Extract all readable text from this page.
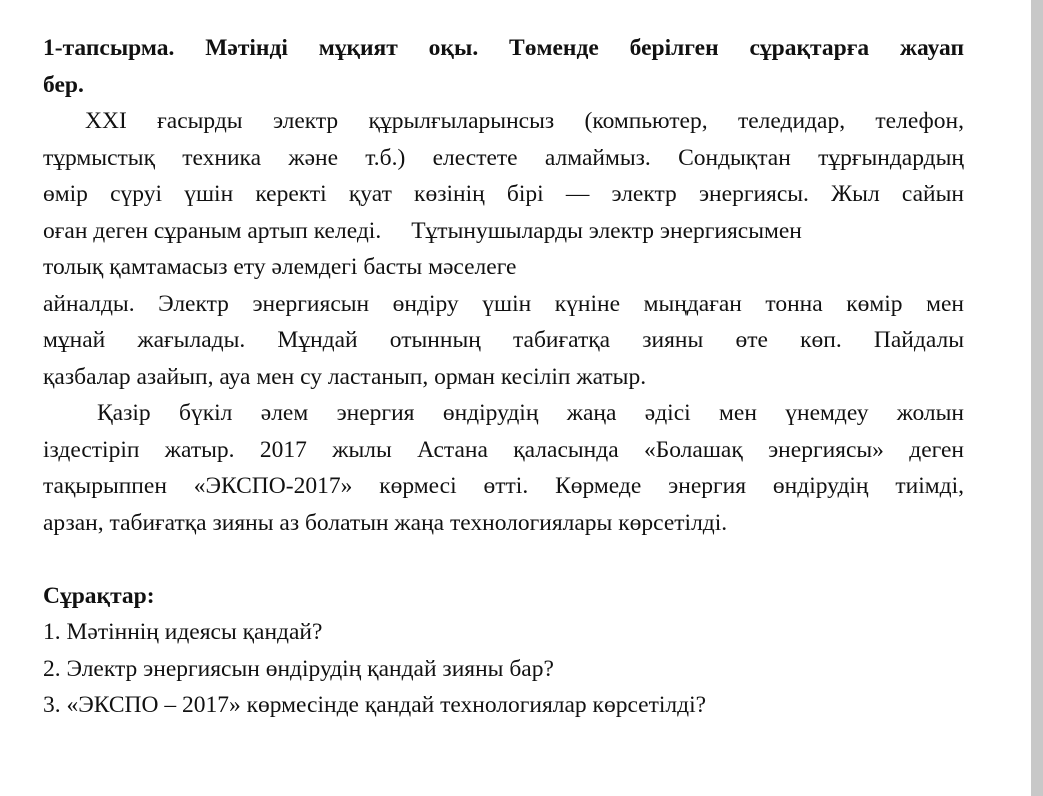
1-тапсырма. Мәтінді мұқият оқы. Төменде берілген сұрақтарға жауап
бер.
XXI ғасырды электр құрылғыларынсыз (компьютер, теледидар, телефон,
тұрмыстық техника және т.б.) елестете алмаймыз. Сондықтан тұрғындардың
өмір сүруі үшін керекті қуат көзінің бірі — электр энергиясы. Жыл сайын
оған деген сұраным артып келеді. Тұтынушыларды электр энергиясымен
толық қамтамасыз ету әлемдегі басты мәселеге
айналды. Электр энергиясын өндіру үшін күніне мыңдаған тонна көмір мен
мұнай жағылады. Мұндай отынның табиғатқа зияны өте көп. Пайдалы
қазбалар азайып, ауа мен су ластанып, орман кесіліп жатыр.
Қазір бүкіл әлем энергия өндірудің жаңа әдісі мен үнемдеу жолын
іздестіріп жатыр. 2017 жылы Астана қаласында «Болашақ энергиясы» деген
тақырыппен «ЭКСПО-2017» көрмесі өтті. Көрмеде энергия өндірудің тиімді,
арзан, табиғатқа зияны аз болатын жаңа технологиялары көрсетілді.

Сұрақтар:

1. Мәтіннің идеясы қандай?

2. Электр энергиясын өндірудің қандай зияны бар?

3. «ЭКСПО – 2017» көрмесінде қандай технологиялар көрсетілді?
